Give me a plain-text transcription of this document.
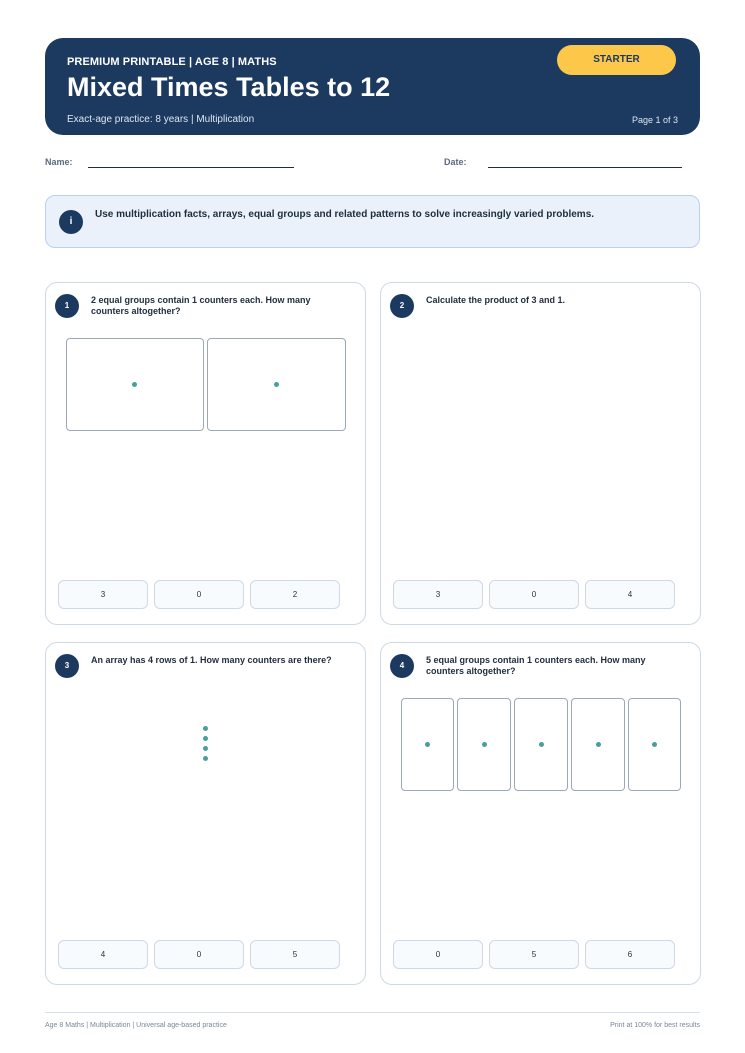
PREMIUM PRINTABLE | AGE 8 | MATHS
Mixed Times Tables to 12
Exact-age practice: 8 years | Multiplication	Page 1 of 3
STARTER
Name:	Date:
i
Use multiplication facts, arrays, equal groups and related patterns to solve increasingly varied problems.
1
2 equal groups contain 1 counters each. How many counters altogether?
3	0	2
2
Calculate the product of 3 and 1.
3	0	4
3
An array has 4 rows of 1. How many counters are there?
4	0	5
4
5 equal groups contain 1 counters each. How many counters altogether?
0	5	6
Age 8 Maths | Multiplication | Universal age-based practice	Print at 100% for best results
